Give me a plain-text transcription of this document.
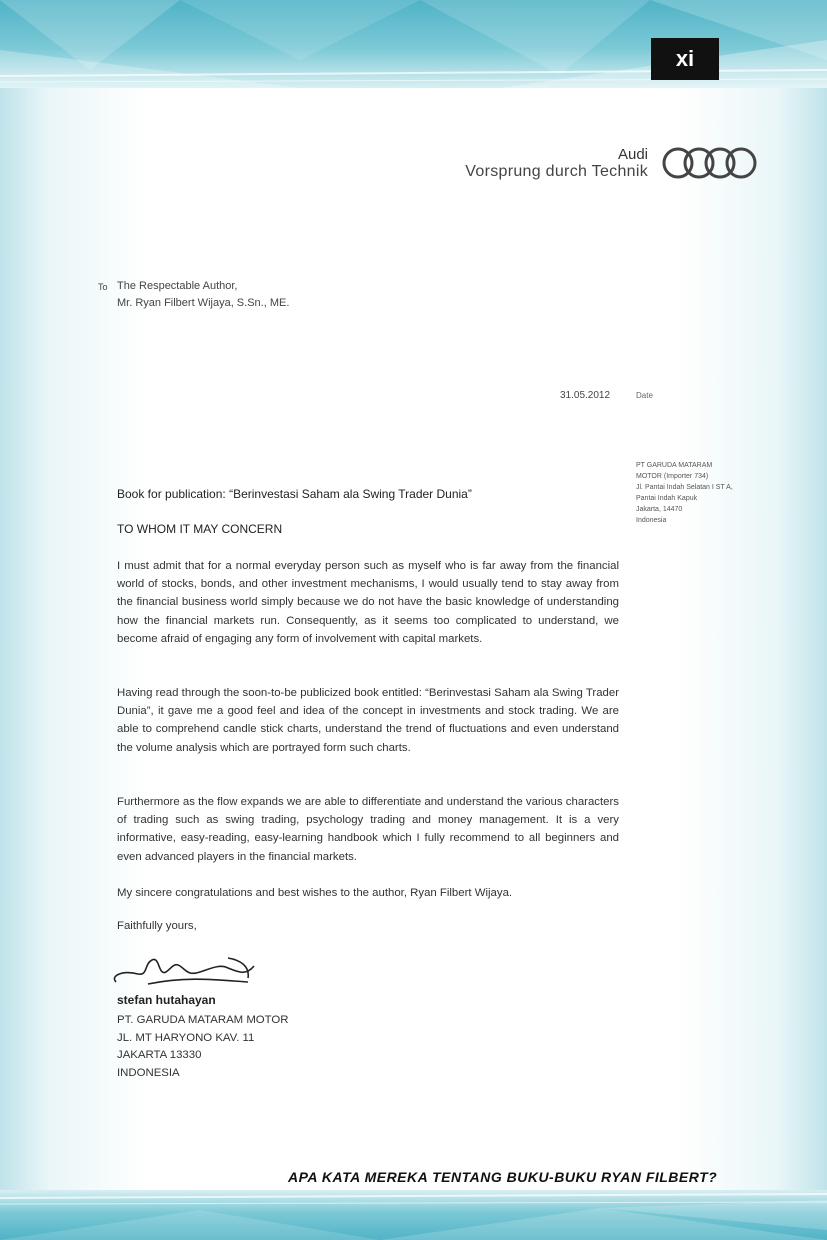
xi
Audi
Vorsprung durch Technik
To The Respectable Author,
Mr. Ryan Filbert Wijaya, S.Sn., ME.
31.05.2012	Date
PT GARUDA MATARAM
MOTOR (Importer 734)
Jl. Pantai Indah Selatan I ST A,
Pantai Indah Kapuk
Jakarta, 14470
Indonesia
Book for publication: “Berinvestasi Saham ala Swing Trader Dunia”
TO WHOM IT MAY CONCERN

I must admit that for a normal everyday person such as myself who is far away from the financial world of stocks, bonds, and other investment mechanisms, I would usually tend to stay away from the financial business world simply because we do not have the basic knowledge of understanding how the financial markets run. Consequently, as it seems too complicated to understand, we become afraid of engaging any form of involvement with capital markets.

Having read through the soon-to-be publicized book entitled: “Berinvestasi Saham ala Swing Trader Dunia”, it gave me a good feel and idea of the concept in investments and stock trading. We are able to comprehend candle stick charts, understand the trend of fluctuations and even understand the volume analysis which are portrayed form such charts.

Furthermore as the flow expands we are able to differentiate and understand the various characters of trading such as swing trading, psychology trading and money management. It is a very informative, easy-reading, easy-learning handbook which I fully recommend to all beginners and even advanced players in the financial markets.

My sincere congratulations and best wishes to the author, Ryan Filbert Wijaya.

Faithfully yours,
stefan hutahayan
PT. GARUDA MATARAM MOTOR
JL. MT HARYONO KAV. 11
JAKARTA 13330
INDONESIA
APA KATA MEREKA TENTANG BUKU-BUKU RYAN FILBERT?
